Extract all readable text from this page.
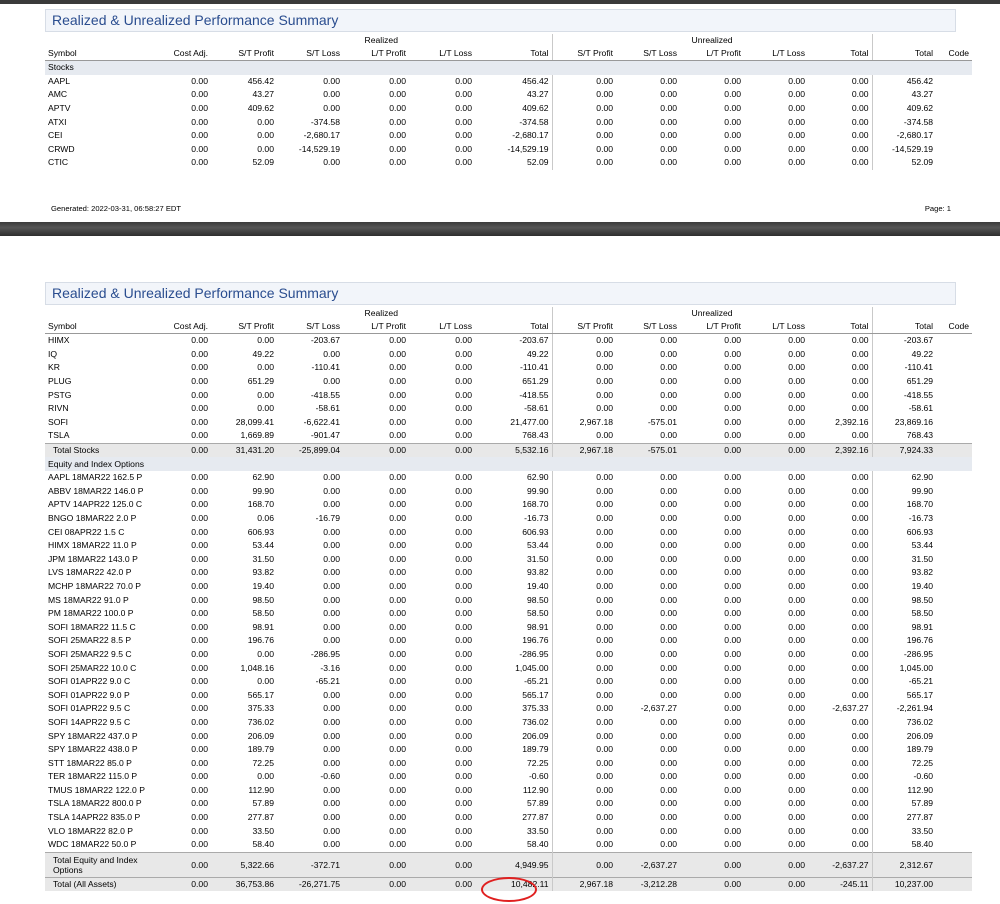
Realized & Unrealized Performance Summary
		Realized					Unrealized						
Symbol	Cost Adj.	S/T Profit	S/T Loss	L/T Profit	L/T Loss	Total	S/T Profit	S/T Loss	L/T Profit	L/T Loss	Total	Total	Code
Stocks													
AAPL	0.00	456.42	0.00	0.00	0.00	456.42	0.00	0.00	0.00	0.00	0.00	456.42	
AMC	0.00	43.27	0.00	0.00	0.00	43.27	0.00	0.00	0.00	0.00	0.00	43.27	
APTV	0.00	409.62	0.00	0.00	0.00	409.62	0.00	0.00	0.00	0.00	0.00	409.62	
ATXI	0.00	0.00	-374.58	0.00	0.00	-374.58	0.00	0.00	0.00	0.00	0.00	-374.58	
CEI	0.00	0.00	-2,680.17	0.00	0.00	-2,680.17	0.00	0.00	0.00	0.00	0.00	-2,680.17	
CRWD	0.00	0.00	-14,529.19	0.00	0.00	-14,529.19	0.00	0.00	0.00	0.00	0.00	-14,529.19	
CTIC	0.00	52.09	0.00	0.00	0.00	52.09	0.00	0.00	0.00	0.00	0.00	52.09	
Generated: 2022-03-31, 06:58:27 EDT	Page: 1
Realized & Unrealized Performance Summary
		Realized					Unrealized						
Symbol	Cost Adj.	S/T Profit	S/T Loss	L/T Profit	L/T Loss	Total	S/T Profit	S/T Loss	L/T Profit	L/T Loss	Total	Total	Code
HIMX	0.00	0.00	-203.67	0.00	0.00	-203.67	0.00	0.00	0.00	0.00	0.00	-203.67	
IQ	0.00	49.22	0.00	0.00	0.00	49.22	0.00	0.00	0.00	0.00	0.00	49.22	
KR	0.00	0.00	-110.41	0.00	0.00	-110.41	0.00	0.00	0.00	0.00	0.00	-110.41	
PLUG	0.00	651.29	0.00	0.00	0.00	651.29	0.00	0.00	0.00	0.00	0.00	651.29	
PSTG	0.00	0.00	-418.55	0.00	0.00	-418.55	0.00	0.00	0.00	0.00	0.00	-418.55	
RIVN	0.00	0.00	-58.61	0.00	0.00	-58.61	0.00	0.00	0.00	0.00	0.00	-58.61	
SOFI	0.00	28,099.41	-6,622.41	0.00	0.00	21,477.00	2,967.18	-575.01	0.00	0.00	2,392.16	23,869.16	
TSLA	0.00	1,669.89	-901.47	0.00	0.00	768.43	0.00	0.00	0.00	0.00	0.00	768.43	
Total Stocks	0.00	31,431.20	-25,899.04	0.00	0.00	5,532.16	2,967.18	-575.01	0.00	0.00	2,392.16	7,924.33	
Equity and Index Options													
AAPL 18MAR22 162.5 P	0.00	62.90	0.00	0.00	0.00	62.90	0.00	0.00	0.00	0.00	0.00	62.90	
ABBV 18MAR22 146.0 P	0.00	99.90	0.00	0.00	0.00	99.90	0.00	0.00	0.00	0.00	0.00	99.90	
APTV 14APR22 125.0 C	0.00	168.70	0.00	0.00	0.00	168.70	0.00	0.00	0.00	0.00	0.00	168.70	
BNGO 18MAR22 2.0 P	0.00	0.06	-16.79	0.00	0.00	-16.73	0.00	0.00	0.00	0.00	0.00	-16.73	
CEI 08APR22 1.5 C	0.00	606.93	0.00	0.00	0.00	606.93	0.00	0.00	0.00	0.00	0.00	606.93	
HIMX 18MAR22 11.0 P	0.00	53.44	0.00	0.00	0.00	53.44	0.00	0.00	0.00	0.00	0.00	53.44	
JPM 18MAR22 143.0 P	0.00	31.50	0.00	0.00	0.00	31.50	0.00	0.00	0.00	0.00	0.00	31.50	
LVS 18MAR22 42.0 P	0.00	93.82	0.00	0.00	0.00	93.82	0.00	0.00	0.00	0.00	0.00	93.82	
MCHP 18MAR22 70.0 P	0.00	19.40	0.00	0.00	0.00	19.40	0.00	0.00	0.00	0.00	0.00	19.40	
MS 18MAR22 91.0 P	0.00	98.50	0.00	0.00	0.00	98.50	0.00	0.00	0.00	0.00	0.00	98.50	
PM 18MAR22 100.0 P	0.00	58.50	0.00	0.00	0.00	58.50	0.00	0.00	0.00	0.00	0.00	58.50	
SOFI 18MAR22 11.5 C	0.00	98.91	0.00	0.00	0.00	98.91	0.00	0.00	0.00	0.00	0.00	98.91	
SOFI 25MAR22 8.5 P	0.00	196.76	0.00	0.00	0.00	196.76	0.00	0.00	0.00	0.00	0.00	196.76	
SOFI 25MAR22 9.5 C	0.00	0.00	-286.95	0.00	0.00	-286.95	0.00	0.00	0.00	0.00	0.00	-286.95	
SOFI 25MAR22 10.0 C	0.00	1,048.16	-3.16	0.00	0.00	1,045.00	0.00	0.00	0.00	0.00	0.00	1,045.00	
SOFI 01APR22 9.0 C	0.00	0.00	-65.21	0.00	0.00	-65.21	0.00	0.00	0.00	0.00	0.00	-65.21	
SOFI 01APR22 9.0 P	0.00	565.17	0.00	0.00	0.00	565.17	0.00	0.00	0.00	0.00	0.00	565.17	
SOFI 01APR22 9.5 C	0.00	375.33	0.00	0.00	0.00	375.33	0.00	-2,637.27	0.00	0.00	-2,637.27	-2,261.94	
SOFI 14APR22 9.5 C	0.00	736.02	0.00	0.00	0.00	736.02	0.00	0.00	0.00	0.00	0.00	736.02	
SPY 18MAR22 437.0 P	0.00	206.09	0.00	0.00	0.00	206.09	0.00	0.00	0.00	0.00	0.00	206.09	
SPY 18MAR22 438.0 P	0.00	189.79	0.00	0.00	0.00	189.79	0.00	0.00	0.00	0.00	0.00	189.79	
STT 18MAR22 85.0 P	0.00	72.25	0.00	0.00	0.00	72.25	0.00	0.00	0.00	0.00	0.00	72.25	
TER 18MAR22 115.0 P	0.00	0.00	-0.60	0.00	0.00	-0.60	0.00	0.00	0.00	0.00	0.00	-0.60	
TMUS 18MAR22 122.0 P	0.00	112.90	0.00	0.00	0.00	112.90	0.00	0.00	0.00	0.00	0.00	112.90	
TSLA 18MAR22 800.0 P	0.00	57.89	0.00	0.00	0.00	57.89	0.00	0.00	0.00	0.00	0.00	57.89	
TSLA 14APR22 835.0 P	0.00	277.87	0.00	0.00	0.00	277.87	0.00	0.00	0.00	0.00	0.00	277.87	
VLO 18MAR22 82.0 P	0.00	33.50	0.00	0.00	0.00	33.50	0.00	0.00	0.00	0.00	0.00	33.50	
WDC 18MAR22 50.0 P	0.00	58.40	0.00	0.00	0.00	58.40	0.00	0.00	0.00	0.00	0.00	58.40	
Total Equity and Index Options	0.00	5,322.66	-372.71	0.00	0.00	4,949.95	0.00	-2,637.27	0.00	0.00	-2,637.27	2,312.67	
Total (All Assets)	0.00	36,753.86	-26,271.75	0.00	0.00	10,482.11	2,967.18	-3,212.28	0.00	0.00	-245.11	10,237.00	
